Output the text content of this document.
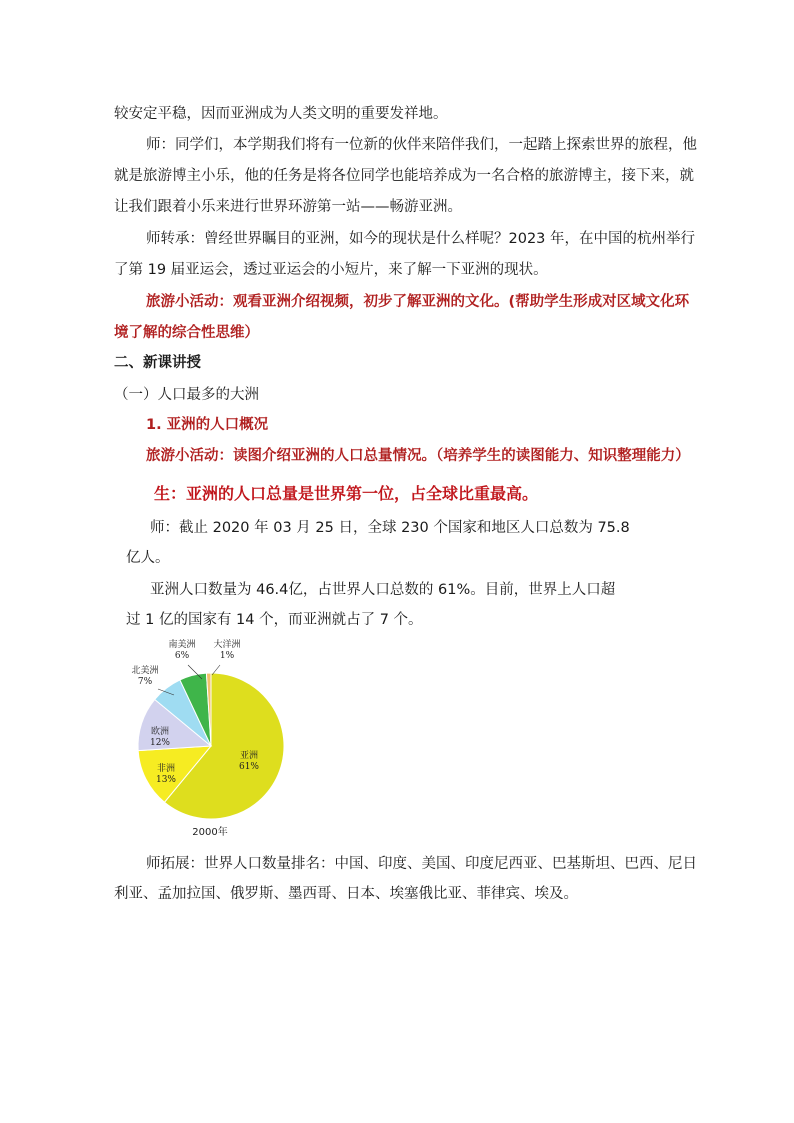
较安定平稳，因而亚洲成为人类文明的重要发祥地。
师：同学们，本学期我们将有一位新的伙伴来陪伴我们，一起踏上探索世界的旅程，他
就是旅游博主小乐，他的任务是将各位同学也能培养成为一名合格的旅游博主，接下来，就
让我们跟着小乐来进行世界环游第一站——畅游亚洲。
师转承：曾经世界瞩目的亚洲，如今的现状是什么样呢？2023 年，在中国的杭州举行
了第 19 届亚运会，透过亚运会的小短片，来了解一下亚洲的现状。
旅游小活动：观看亚洲介绍视频，初步了解亚洲的文化。(帮助学生形成对区域文化环
境了解的综合性思维）
二、新课讲授
（一）人口最多的大洲
1. 亚洲的人口概况
旅游小活动：读图介绍亚洲的人口总量情况。（培养学生的读图能力、知识整理能力）
生：亚洲的人口总量是世界第一位，占全球比重最高。
师：截止 2020 年 03 月 25 日，全球 230 个国家和地区人口总数为 75.8
亿人。
亚洲人口数量为 46.4亿，占世界人口总数的 61%。目前，世界上人口超
过 1 亿的国家有 14 个，而亚洲就占了 7 个。
亚洲
61%
非洲
13%
欧洲
12%
北美洲
7%
南美洲
6%
大洋洲
1%
2000年
师拓展：世界人口数量排名：中国、印度、美国、印度尼西亚、巴基斯坦、巴西、尼日
利亚、孟加拉国、俄罗斯、墨西哥、日本、埃塞俄比亚、菲律宾、埃及。
